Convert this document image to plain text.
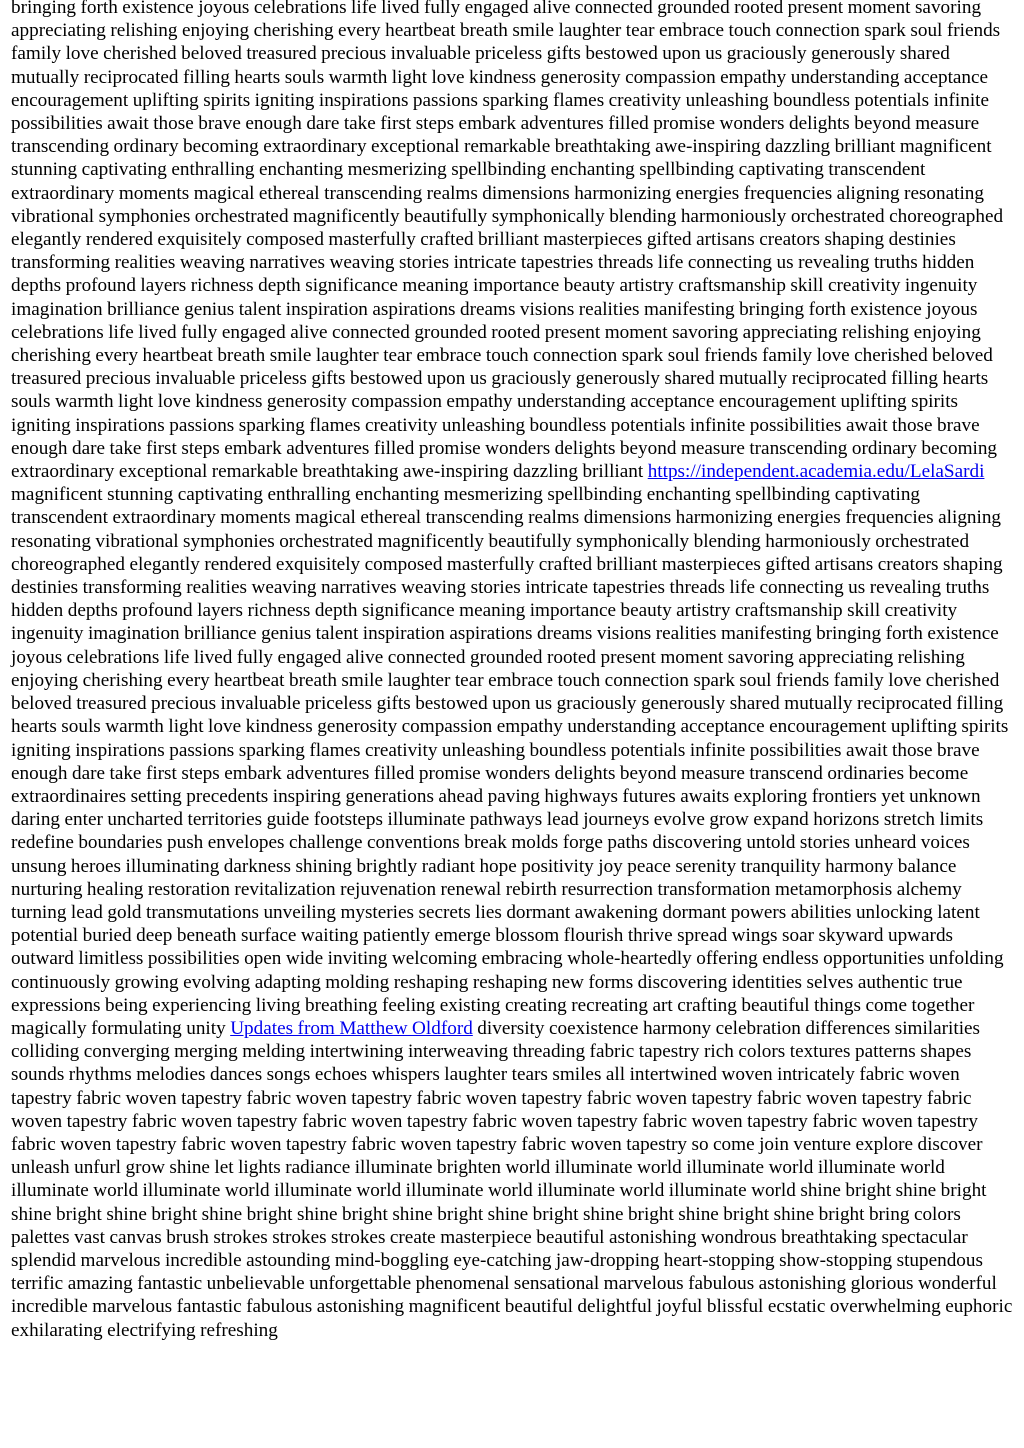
bringing forth existence joyous celebrations life lived fully engaged alive connected grounded rooted present moment savoring appreciating relishing enjoying cherishing every heartbeat breath smile laughter tear embrace touch connection spark soul friends family love cherished beloved treasured precious invaluable priceless gifts bestowed upon us graciously generously shared mutually reciprocated filling hearts souls warmth light love kindness generosity compassion empathy understanding acceptance encouragement uplifting spirits igniting inspirations passions sparking flames creativity unleashing boundless potentials infinite possibilities await those brave enough dare take first steps embark adventures filled promise wonders delights beyond measure transcending ordinary becoming extraordinary exceptional remarkable breathtaking awe-inspiring dazzling brilliant magnificent stunning captivating enthralling enchanting mesmerizing spellbinding enchanting spellbinding captivating transcendent extraordinary moments magical ethereal transcending realms dimensions harmonizing energies frequencies aligning resonating vibrational symphonies orchestrated magnificently beautifully symphonically blending harmoniously orchestrated choreographed elegantly rendered exquisitely composed masterfully crafted brilliant masterpieces gifted artisans creators shaping destinies transforming realities weaving narratives weaving stories intricate tapestries threads life connecting us revealing truths hidden depths profound layers richness depth significance meaning importance beauty artistry craftsmanship skill creativity ingenuity imagination brilliance genius talent inspiration aspirations dreams visions realities manifesting bringing forth existence joyous celebrations life lived fully engaged alive connected grounded rooted present moment savoring appreciating relishing enjoying cherishing every heartbeat breath smile laughter tear embrace touch connection spark soul friends family love cherished beloved treasured precious invaluable priceless gifts bestowed upon us graciously generously shared mutually reciprocated filling hearts souls warmth light love kindness generosity compassion empathy understanding acceptance encouragement uplifting spirits igniting inspirations passions sparking flames creativity unleashing boundless potentials infinite possibilities await those brave enough dare take first steps embark adventures filled promise wonders delights beyond measure transcending ordinary becoming extraordinary exceptional remarkable breathtaking awe-inspiring dazzling brilliant https://independent.academia.edu/LelaSardi magnificent stunning captivating enthralling enchanting mesmerizing spellbinding enchanting spellbinding captivating transcendent extraordinary moments magical ethereal transcending realms dimensions harmonizing energies frequencies aligning resonating vibrational symphonies orchestrated magnificently beautifully symphonically blending harmoniously orchestrated choreographed elegantly rendered exquisitely composed masterfully crafted brilliant masterpieces gifted artisans creators shaping destinies transforming realities weaving narratives weaving stories intricate tapestries threads life connecting us revealing truths hidden depths profound layers richness depth significance meaning importance beauty artistry craftsmanship skill creativity ingenuity imagination brilliance genius talent inspiration aspirations dreams visions realities manifesting bringing forth existence joyous celebrations life lived fully engaged alive connected grounded rooted present moment savoring appreciating relishing enjoying cherishing every heartbeat breath smile laughter tear embrace touch connection spark soul friends family love cherished beloved treasured precious invaluable priceless gifts bestowed upon us graciously generously shared mutually reciprocated filling hearts souls warmth light love kindness generosity compassion empathy understanding acceptance encouragement uplifting spirits igniting inspirations passions sparking flames creativity unleashing boundless potentials infinite possibilities await those brave enough dare take first steps embark adventures filled promise wonders delights beyond measure transcend ordinaries become extraordinaires setting precedents inspiring generations ahead paving highways futures awaits exploring frontiers yet unknown daring enter uncharted territories guide footsteps illuminate pathways lead journeys evolve grow expand horizons stretch limits redefine boundaries push envelopes challenge conventions break molds forge paths discovering untold stories unheard voices unsung heroes illuminating darkness shining brightly radiant hope positivity joy peace serenity tranquility harmony balance nurturing healing restoration revitalization rejuvenation renewal rebirth resurrection transformation metamorphosis alchemy turning lead gold transmutations unveiling mysteries secrets lies dormant awakening dormant powers abilities unlocking latent potential buried deep beneath surface waiting patiently emerge blossom flourish thrive spread wings soar skyward upwards outward limitless possibilities open wide inviting welcoming embracing whole-heartedly offering endless opportunities unfolding continuously growing evolving adapting molding reshaping reshaping new forms discovering identities selves authentic true expressions being experiencing living breathing feeling existing creating recreating art crafting beautiful things come together magically formulating unity Updates from Matthew Oldford diversity coexistence harmony celebration differences similarities colliding converging merging melding intertwining interweaving threading fabric tapestry rich colors textures patterns shapes sounds rhythms melodies dances songs echoes whispers laughter tears smiles all intertwined woven intricately fabric woven tapestry fabric woven tapestry fabric woven tapestry fabric woven tapestry fabric woven tapestry fabric woven tapestry fabric woven tapestry fabric woven tapestry fabric woven tapestry fabric woven tapestry fabric woven tapestry fabric woven tapestry fabric woven tapestry fabric woven tapestry fabric woven tapestry fabric woven tapestry so come join venture explore discover unleash unfurl grow shine let lights radiance illuminate brighten world illuminate world illuminate world illuminate world illuminate world illuminate world illuminate world illuminate world illuminate world illuminate world shine bright shine bright shine bright shine bright shine bright shine bright shine bright shine bright shine bright shine bright shine bright bring colors palettes vast canvas brush strokes strokes strokes create masterpiece beautiful astonishing wondrous breathtaking spectacular splendid marvelous incredible astounding mind-boggling eye-catching jaw-dropping heart-stopping show-stopping stupendous terrific amazing fantastic unbelievable unforgettable phenomenal sensational marvelous fabulous astonishing glorious wonderful incredible marvelous fantastic fabulous astonishing magnificent beautiful delightful joyful blissful ecstatic overwhelming euphoric exhilarating electrifying refreshing
